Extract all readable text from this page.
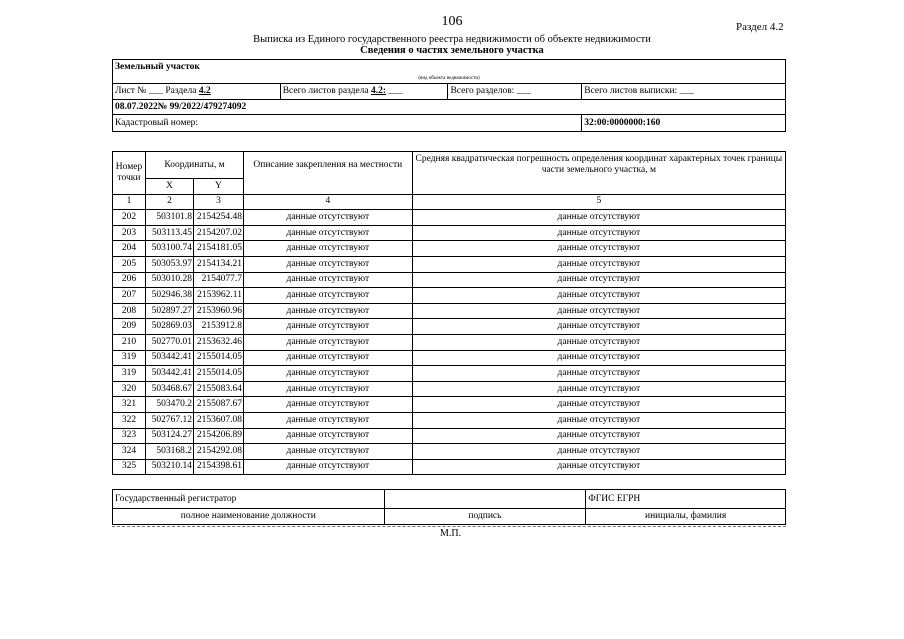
106	Раздел 4.2
Выписка из Единого государственного реестра недвижимости об объекте недвижимости
Сведения о частях земельного участка
Земельный участок			
(вид объекта недвижимости)			
Лист № ___ Раздела 4.2	Всего листов раздела 4.2: ___	Всего разделов: ___	Всего листов выписки: ___
08.07.2022№ 99/2022/479274092			
Кадастровый номер:			32:00:0000000:160
Номер точки	Координаты, м		Описание закрепления на местности	Средняя квадратическая погрешность определения координат характерных точек границы части земельного участка, м
	X	Y		
1	2	3	4	5
202	503101.8	2154254.48	данные отсутствуют	данные отсутствуют
203	503113.45	2154207.02	данные отсутствуют	данные отсутствуют
204	503100.74	2154181.05	данные отсутствуют	данные отсутствуют
205	503053.97	2154134.21	данные отсутствуют	данные отсутствуют
206	503010.28	2154077.7	данные отсутствуют	данные отсутствуют
207	502946.38	2153962.11	данные отсутствуют	данные отсутствуют
208	502897.27	2153960.96	данные отсутствуют	данные отсутствуют
209	502869.03	2153912.8	данные отсутствуют	данные отсутствуют
210	502770.01	2153632.46	данные отсутствуют	данные отсутствуют
319	503442.41	2155014.05	данные отсутствуют	данные отсутствуют
319	503442.41	2155014.05	данные отсутствуют	данные отсутствуют
320	503468.67	2155083.64	данные отсутствуют	данные отсутствуют
321	503470.2	2155087.67	данные отсутствуют	данные отсутствуют
322	502767.12	2153607.08	данные отсутствуют	данные отсутствуют
323	503124.27	2154206.89	данные отсутствуют	данные отсутствуют
324	503168.2	2154292.08	данные отсутствуют	данные отсутствуют
325	503210.14	2154398.61	данные отсутствуют	данные отсутствуют
Государственный регистратор		ФГИС ЕГРН
полное наименование должности	подпись	инициалы, фамилия
М.П.
